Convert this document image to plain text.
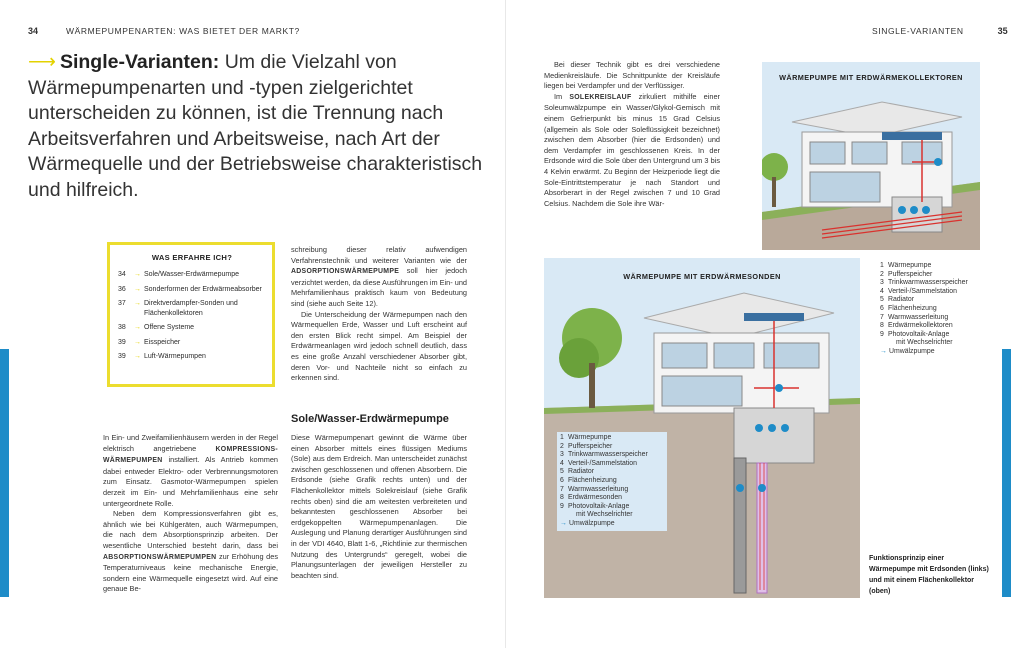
34	WÄRMEPUMPENARTEN: WAS BIETET DER MARKT?
⟶ Single-Varianten: Um die Vielzahl von Wärmepumpenarten und -typen zielgerichtet unterscheiden zu können, ist die Trennung nach Arbeitsverfahren und Arbeitsweise, nach Art der Wärmequelle und der Betriebsweise charakteristisch und hilfreich.
WAS ERFAHRE ICH?
34	→ Sole/Wasser-Erdwärmepumpe
36	→ Sonderformen der Erdwärmeabsorber
37	→ Direktverdampfer-Sonden und Flächenkollektoren
38	→ Offene Systeme
39	→ Eisspeicher
39	→ Luft-Wärmepumpen

In Ein- und Zweifamilienhäusern werden in der Regel elektrisch angetriebene	KOMPRESSIONS-WÄRMEPUMPEN installiert. Als Antrieb kommen dabei entweder Elektro- oder Verbrennungsmotoren zum Einsatz. Gasmotor-Wärmepumpen spielen derzeit im Ein- und Mehrfamilienhaus eine sehr untergeordnete Rolle.

Neben dem Kompressionsverfahren gibt es, ähnlich wie bei Kühlgeräten, auch Wärmepumpen, die nach dem Absorptionsprinzip arbeiten. Der wesentliche Unterschied besteht darin, dass bei ABSORPTIONSWÄRMEPUMPEN zur Erhöhung des Temperaturniveaus keine mechanische Energie, sondern eine Wärmequelle eingesetzt wird. Auf eine genaue Be-

schreibung dieser relativ aufwendigen Verfahrenstechnik und weiterer Varianten wie der ADSORPTIONSWÄRMEPUMPE soll hier jedoch verzichtet werden, da diese Ausführungen im Ein- und Mehrfamilienhaus praktisch kaum von Bedeutung sind (siehe auch Seite 12).

Die Unterscheidung der Wärmepumpen nach den Wärmequellen Erde, Wasser und Luft erscheint auf den ersten Blick recht simpel. Am Beispiel der Erdwärmeanlagen wird jedoch schnell deutlich, dass es eine große Anzahl verschiedener Absorber gibt, deren Vor- und Nachteile nicht so einfach zu erkennen sind.

Sole/Wasser-Erdwärmepumpe

Diese Wärmepumpenart gewinnt die Wärme über einen Absorber mittels eines flüssigen Mediums (Sole) aus dem Erdreich. Man unterscheidet zunächst zwischen geschlossenen und offenen Absorbern. Die Erdsonde (siehe Grafik rechts unten) und der Flächenkollektor mittels Solekreislauf (siehe Grafik rechts oben) sind die am weitesten verbreiteten und bekanntesten geschlossenen Absorber bei erdgekoppelten Wärmepumpenanlagen. Die Auslegung und Planung derartiger Ausführungen sind in der VDI 4640, Blatt 1-6, „Richtlinie zur thermischen Nutzung des Untergrunds“ geregelt, wobei die Planungsunterlagen der jeweiligen Hersteller zu beachten sind.

SINGLE-VARIANTEN	35

Bei dieser Technik gibt es drei verschiedene Medienkreisläufe. Die Schnittpunkte der Kreisläufe liegen bei Verdampfer und der Verflüssiger.

Im SOLEKREISLAUF zirkuliert mithilfe einer Soleumwälzpumpe ein Wasser/Glykol-Gemisch mit einem Gefrierpunkt bis minus 15 Grad Celsius (allgemein als Sole oder Soleflüssigkeit bezeichnet) zwischen dem Absorber (hier die Erdsonden) und dem Verdampfer im geschlossenen Kreis. In der Erdsonde wird die Sole über den Untergrund um 3 bis 4 Kelvin erwärmt. Zu Beginn der Heizperiode liegt die Sole-Eintrittstemperatur je nach Standort und Absorberart in der Regel zwischen 7 und 10 Grad Celsius. Nachdem die Sole ihre Wär-

WÄRMEPUMPE MIT ERDWÄRMEKOLLEKTOREN
1 Wärmepumpe
2 Pufferspeicher
3 Trinkwarmwasserspeicher
4 Verteil-/Sammelstation
5 Radiator
6 Flächenheizung
7 Warmwasserleitung
8 Erdwärmekollektoren
9 Photovoltaik-Anlage
mit Wechselrichter
→ Umwälzpumpe
WÄRMEPUMPE MIT ERDWÄRMESONDEN
1 Wärmepumpe
2 Pufferspeicher
3 Trinkwarmwasserspeicher
4 Verteil-/Sammelstation
5 Radiator
6 Flächenheizung
7 Warmwasserleitung
8 Erdwärmesonden
9 Photovoltaik-Anlage
mit Wechselrichter
→ Umwälzpumpe
Funktionsprinzip einer Wärmepumpe mit Erdsonden (links) und mit einem Flächenkollektor (oben)
